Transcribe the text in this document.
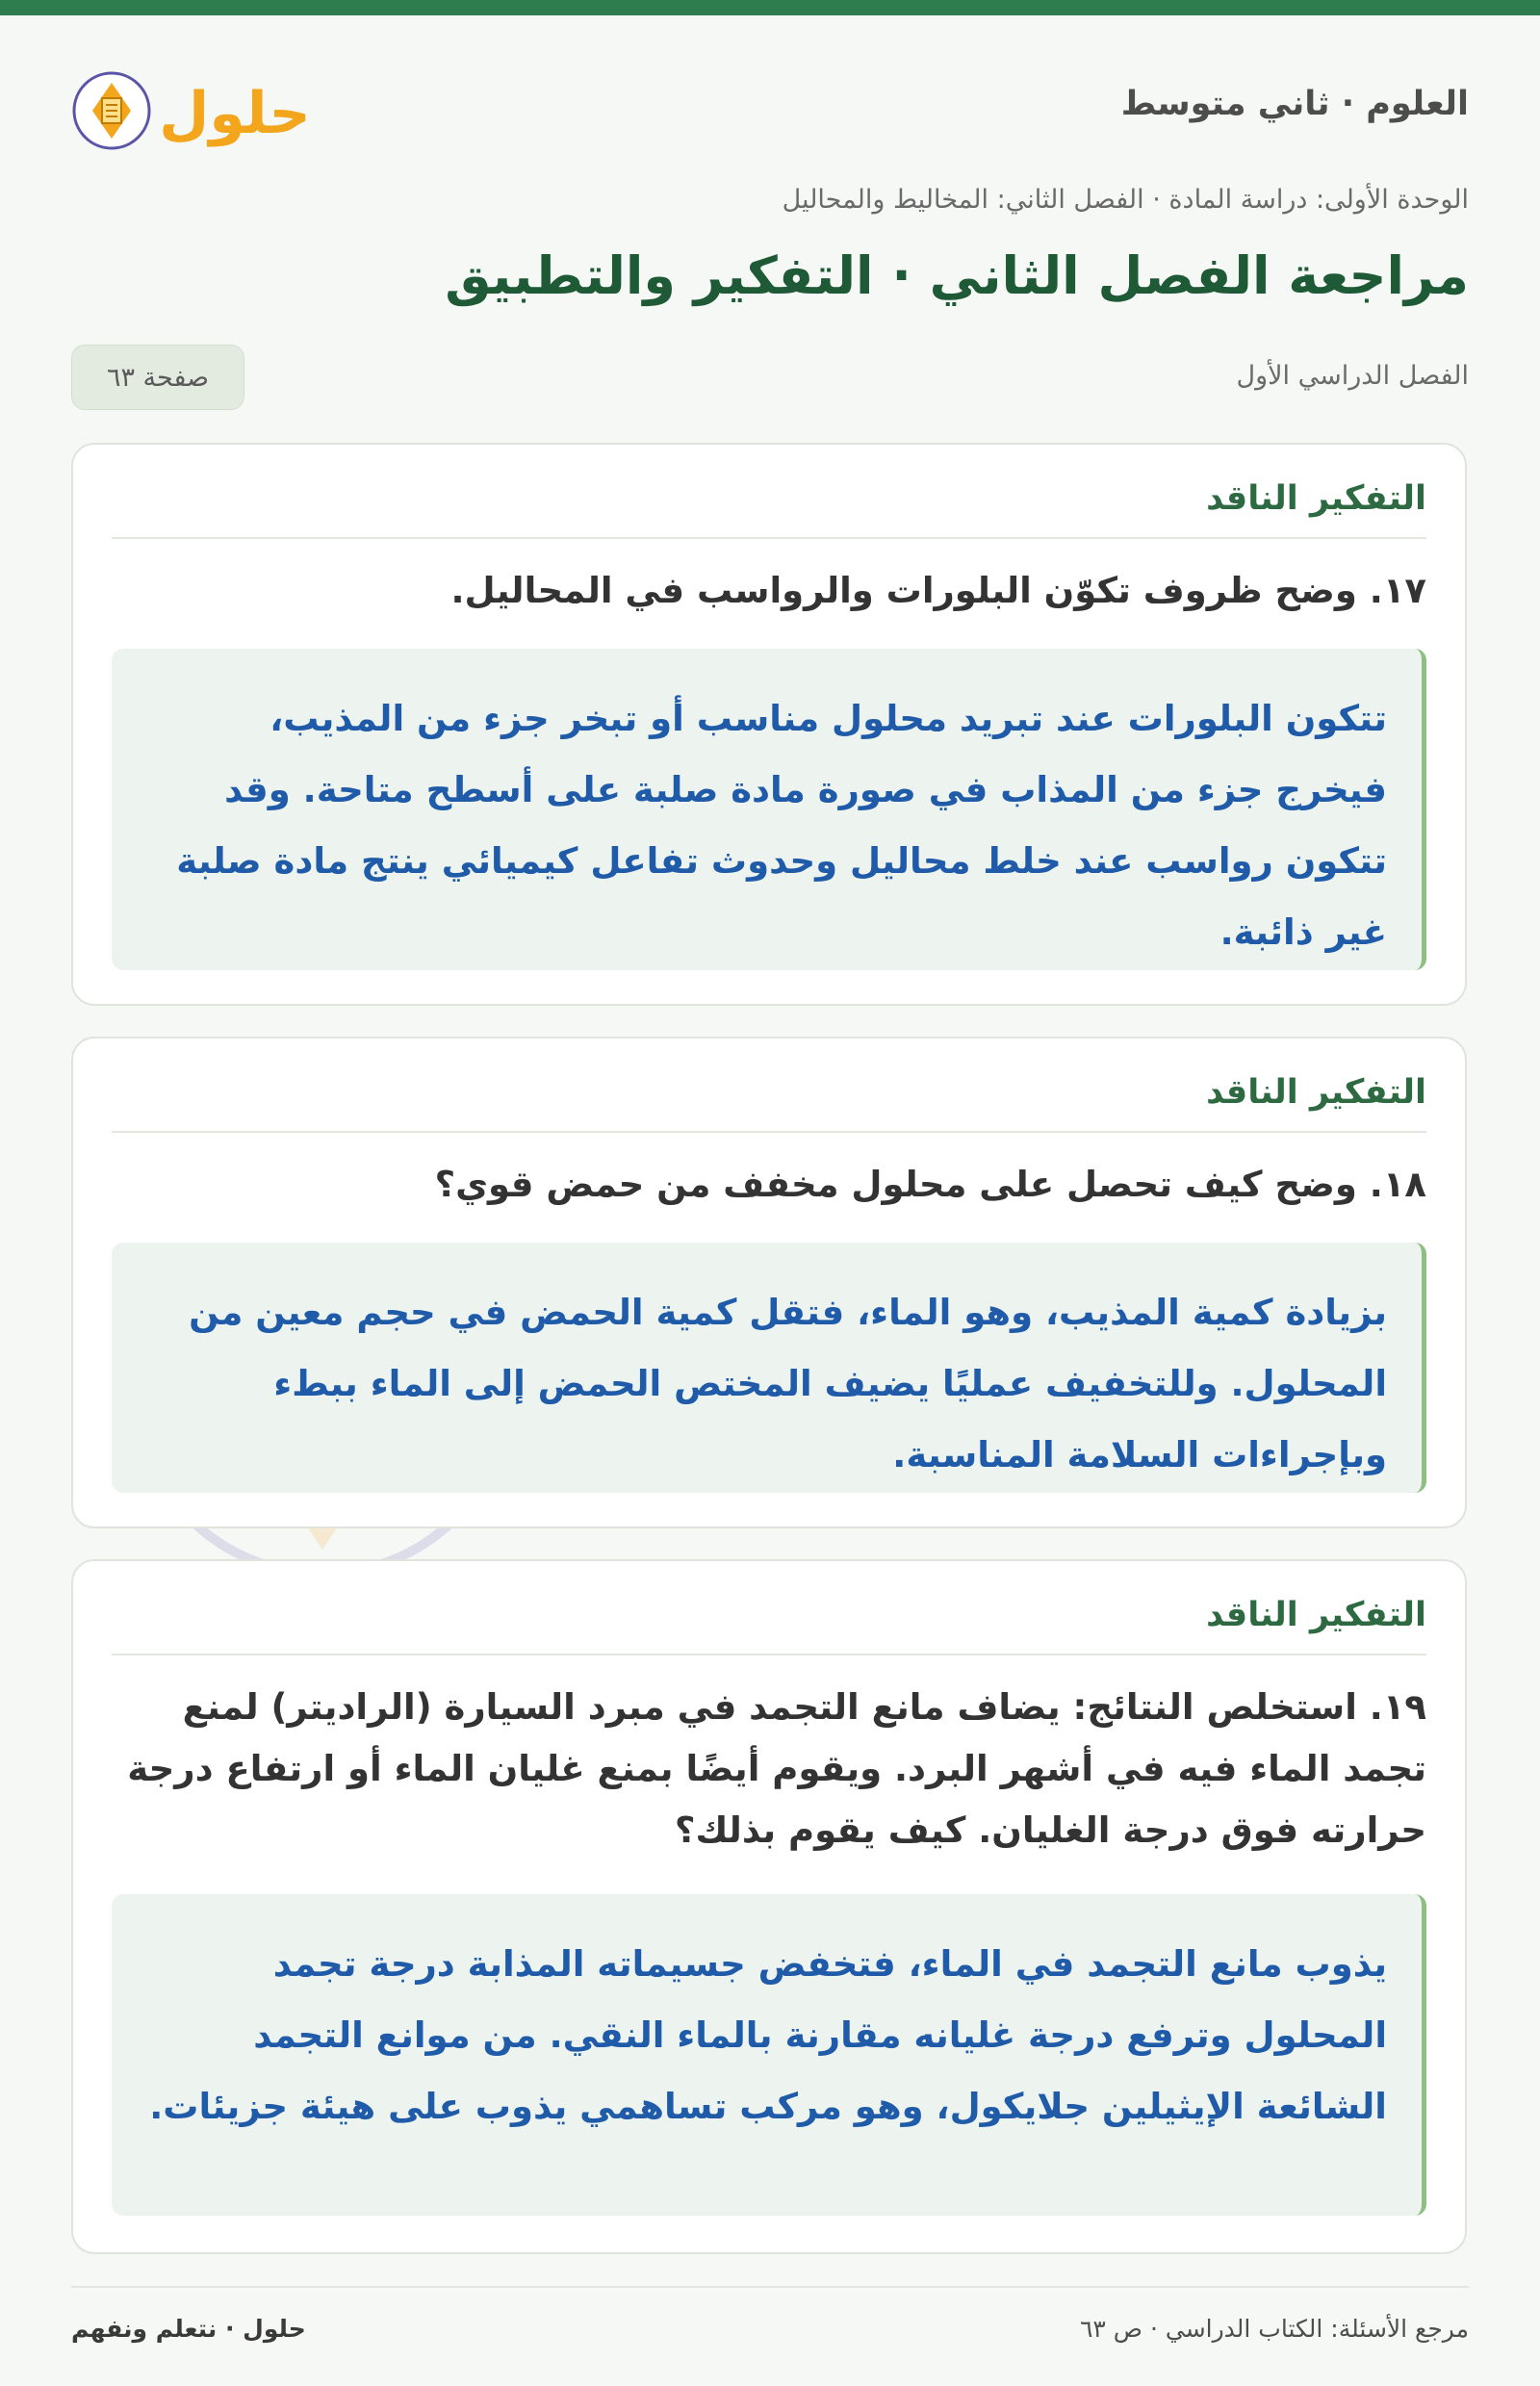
العلوم · ثاني متوسط
حلول
الوحدة الأولى: دراسة المادة · الفصل الثاني: المخاليط والمحاليل
مراجعة الفصل الثاني · التفكير والتطبيق
الفصل الدراسي الأول
صفحة ٦٣
التفكير الناقد
١٧. وضح ظروف تكوّن البلورات والرواسب في المحاليل.
تتكون البلورات عند تبريد محلول مناسب أو تبخر جزء من المذيب، فيخرج جزء من المذاب في صورة مادة صلبة على أسطح متاحة. وقد تتكون رواسب عند خلط محاليل وحدوث تفاعل كيميائي ينتج مادة صلبة غير ذائبة.
التفكير الناقد
١٨. وضح كيف تحصل على محلول مخفف من حمض قوي؟
بزيادة كمية المذيب، وهو الماء، فتقل كمية الحمض في حجم معين من المحلول. وللتخفيف عمليًا يضيف المختص الحمض إلى الماء ببطء وبإجراءات السلامة المناسبة.
التفكير الناقد
١٩. استخلص النتائج: يضاف مانع التجمد في مبرد السيارة (الراديتر) لمنع تجمد الماء فيه في أشهر البرد. ويقوم أيضًا بمنع غليان الماء أو ارتفاع درجة حرارته فوق درجة الغليان. كيف يقوم بذلك؟
يذوب مانع التجمد في الماء، فتخفض جسيماته المذابة درجة تجمد المحلول وترفع درجة غليانه مقارنة بالماء النقي. من موانع التجمد الشائعة الإيثيلين جلايكول، وهو مركب تساهمي يذوب على هيئة جزيئات.
مرجع الأسئلة: الكتاب الدراسي · ص ٦٣
حلول · نتعلم ونفهم
